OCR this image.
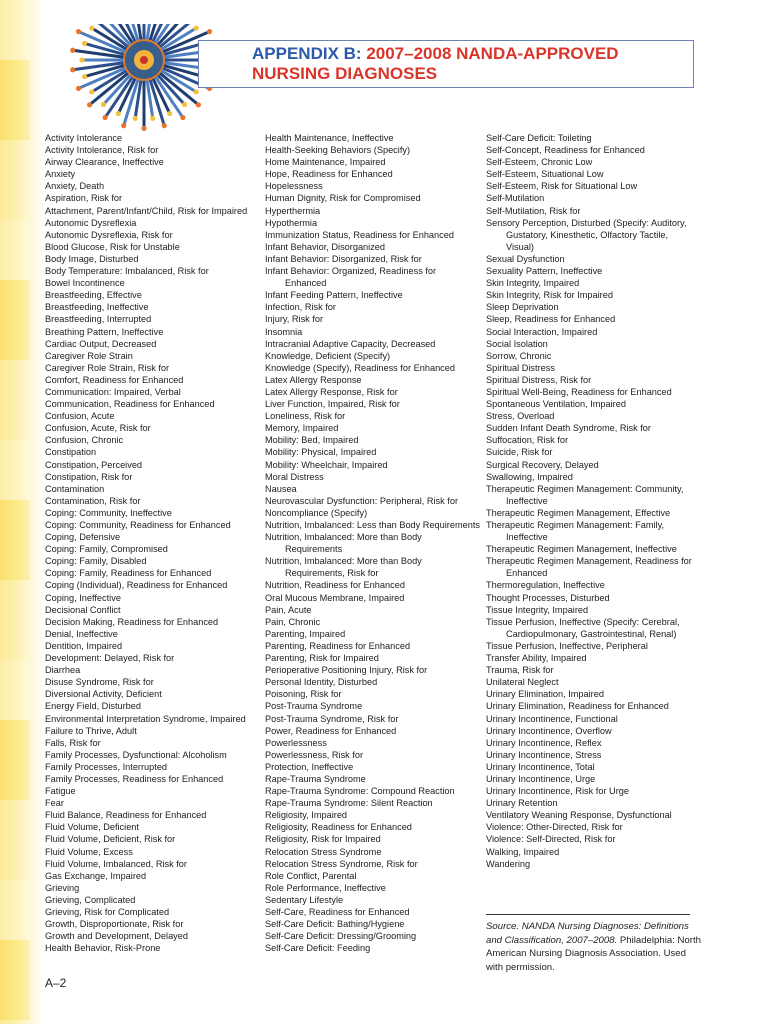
APPENDIX B: 2007–2008 NANDA-APPROVED
NURSING DIAGNOSES

Activity Intolerance

Activity Intolerance, Risk for

Airway Clearance, Ineffective

Anxiety

Anxiety, Death

Aspiration, Risk for

Attachment, Parent/Infant/Child, Risk for Impaired

Autonomic Dysreflexia

Autonomic Dysreflexia, Risk for

Blood Glucose, Risk for Unstable

Body Image, Disturbed

Body Temperature: Imbalanced, Risk for

Bowel Incontinence

Breastfeeding, Effective

Breastfeeding, Ineffective

Breastfeeding, Interrupted

Breathing Pattern, Ineffective

Cardiac Output, Decreased

Caregiver Role Strain

Caregiver Role Strain, Risk for

Comfort, Readiness for Enhanced

Communication: Impaired, Verbal

Communication, Readiness for Enhanced

Confusion, Acute

Confusion, Acute, Risk for

Confusion, Chronic

Constipation

Constipation, Perceived

Constipation, Risk for

Contamination

Contamination, Risk for

Coping: Community, Ineffective

Coping: Community, Readiness for Enhanced

Coping, Defensive

Coping: Family, Compromised

Coping: Family, Disabled

Coping: Family, Readiness for Enhanced

Coping (Individual), Readiness for Enhanced

Coping, Ineffective

Decisional Conflict

Decision Making, Readiness for Enhanced

Denial, Ineffective

Dentition, Impaired

Development: Delayed, Risk for

Diarrhea

Disuse Syndrome, Risk for

Diversional Activity, Deficient

Energy Field, Disturbed

Environmental Interpretation Syndrome, Impaired

Failure to Thrive, Adult

Falls, Risk for

Family Processes, Dysfunctional: Alcoholism

Family Processes, Interrupted

Family Processes, Readiness for Enhanced

Fatigue

Fear

Fluid Balance, Readiness for Enhanced

Fluid Volume, Deficient

Fluid Volume, Deficient, Risk for

Fluid Volume, Excess

Fluid Volume, Imbalanced, Risk for

Gas Exchange, Impaired

Grieving

Grieving, Complicated

Grieving, Risk for Complicated

Growth, Disproportionate, Risk for

Growth and Development, Delayed

Health Behavior, Risk-Prone

Health Maintenance, Ineffective

Health-Seeking Behaviors (Specify)

Home Maintenance, Impaired

Hope, Readiness for Enhanced

Hopelessness

Human Dignity, Risk for Compromised

Hyperthermia

Hypothermia

Immunization Status, Readiness for Enhanced

Infant Behavior, Disorganized

Infant Behavior: Disorganized, Risk for

Infant Behavior: Organized, Readiness for Enhanced

Infant Feeding Pattern, Ineffective

Infection, Risk for

Injury, Risk for

Insomnia

Intracranial Adaptive Capacity, Decreased

Knowledge, Deficient (Specify)

Knowledge (Specify), Readiness for Enhanced

Latex Allergy Response

Latex Allergy Response, Risk for

Liver Function, Impaired, Risk for

Loneliness, Risk for

Memory, Impaired

Mobility: Bed, Impaired

Mobility: Physical, Impaired

Mobility: Wheelchair, Impaired

Moral Distress

Nausea

Neurovascular Dysfunction: Peripheral, Risk for

Noncompliance (Specify)

Nutrition, Imbalanced: Less than Body Requirements

Nutrition, Imbalanced: More than Body Requirements

Nutrition, Imbalanced: More than Body Requirements, Risk for

Nutrition, Readiness for Enhanced

Oral Mucous Membrane, Impaired

Pain, Acute

Pain, Chronic

Parenting, Impaired

Parenting, Readiness for Enhanced

Parenting, Risk for Impaired

Perioperative Positioning Injury, Risk for

Personal Identity, Disturbed

Poisoning, Risk for

Post-Trauma Syndrome

Post-Trauma Syndrome, Risk for

Power, Readiness for Enhanced

Powerlessness

Powerlessness, Risk for

Protection, Ineffective

Rape-Trauma Syndrome

Rape-Trauma Syndrome: Compound Reaction

Rape-Trauma Syndrome: Silent Reaction

Religiosity, Impaired

Religiosity, Readiness for Enhanced

Religiosity, Risk for Impaired

Relocation Stress Syndrome

Relocation Stress Syndrome, Risk for

Role Conflict, Parental

Role Performance, Ineffective

Sedentary Lifestyle

Self-Care, Readiness for Enhanced

Self-Care Deficit: Bathing/Hygiene

Self-Care Deficit: Dressing/Grooming

Self-Care Deficit: Feeding

Self-Care Deficit: Toileting

Self-Concept, Readiness for Enhanced

Self-Esteem, Chronic Low

Self-Esteem, Situational Low

Self-Esteem, Risk for Situational Low

Self-Mutilation

Self-Mutilation, Risk for

Sensory Perception, Disturbed (Specify: Auditory, Gustatory, Kinesthetic, Olfactory Tactile, Visual)

Sexual Dysfunction

Sexuality Pattern, Ineffective

Skin Integrity, Impaired

Skin Integrity, Risk for Impaired

Sleep Deprivation

Sleep, Readiness for Enhanced

Social Interaction, Impaired

Social Isolation

Sorrow, Chronic

Spiritual Distress

Spiritual Distress, Risk for

Spiritual Well-Being, Readiness for Enhanced

Spontaneous Ventilation, Impaired

Stress, Overload

Sudden Infant Death Syndrome, Risk for

Suffocation, Risk for

Suicide, Risk for

Surgical Recovery, Delayed

Swallowing, Impaired

Therapeutic Regimen Management: Community, Ineffective

Therapeutic Regimen Management, Effective

Therapeutic Regimen Management: Family, Ineffective

Therapeutic Regimen Management, Ineffective

Therapeutic Regimen Management, Readiness for Enhanced

Thermoregulation, Ineffective

Thought Processes, Disturbed

Tissue Integrity, Impaired

Tissue Perfusion, Ineffective (Specify: Cerebral, Cardiopulmonary, Gastrointestinal, Renal)

Tissue Perfusion, Ineffective, Peripheral

Transfer Ability, Impaired

Trauma, Risk for

Unilateral Neglect

Urinary Elimination, Impaired

Urinary Elimination, Readiness for Enhanced

Urinary Incontinence, Functional

Urinary Incontinence, Overflow

Urinary Incontinence, Reflex

Urinary Incontinence, Stress

Urinary Incontinence, Total

Urinary Incontinence, Urge

Urinary Incontinence, Risk for Urge

Urinary Retention

Ventilatory Weaning Response, Dysfunctional

Violence: Other-Directed, Risk for

Violence: Self-Directed, Risk for

Walking, Impaired

Wandering

Source. NANDA Nursing Diagnoses: Definitions and Classification, 2007–2008. Philadelphia: North American Nursing Diagnosis Association. Used with permission.

A–2
